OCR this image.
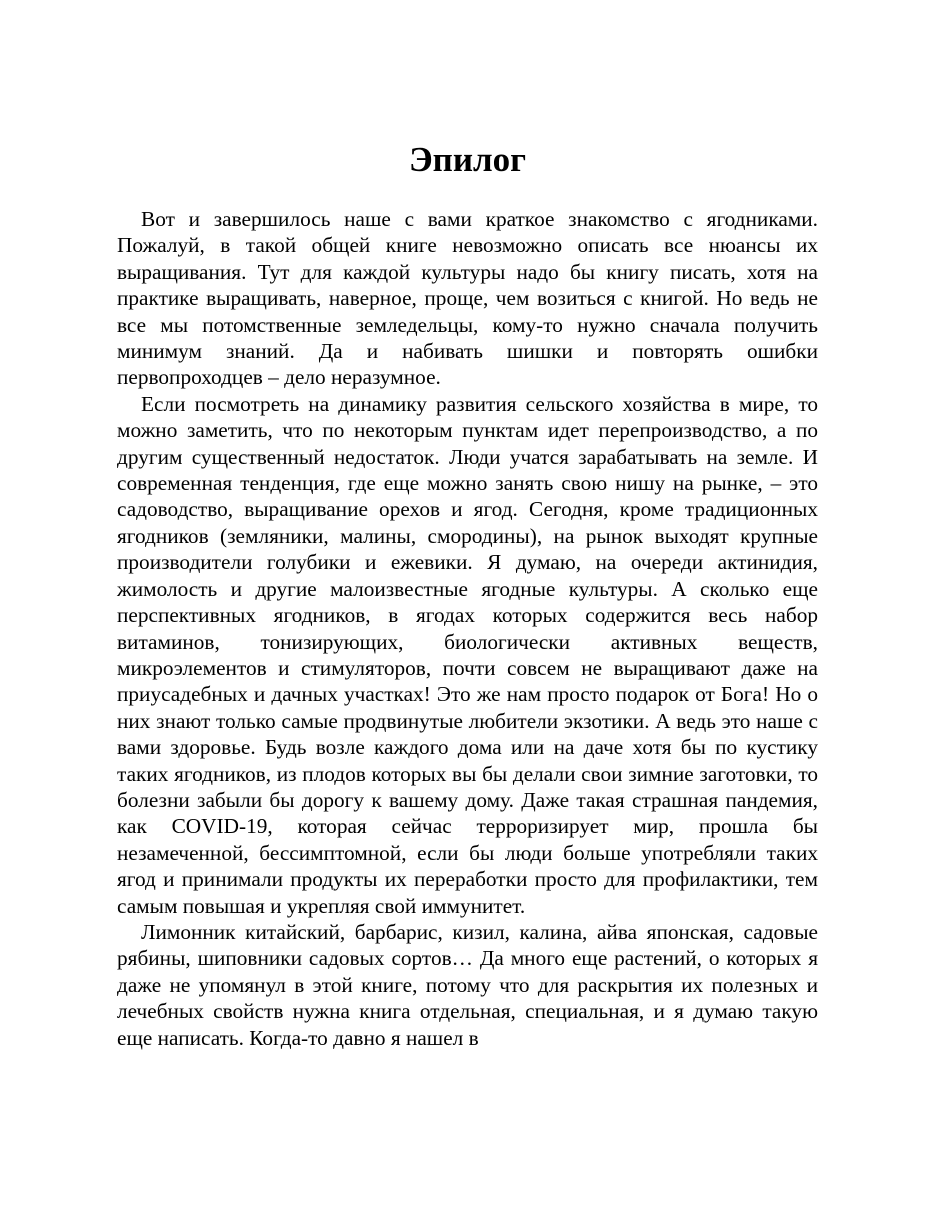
Эпилог

Вот и завершилось наше с вами краткое знакомство с ягодниками. Пожалуй, в такой общей книге невозможно описать все нюансы их выращивания. Тут для каждой культуры надо бы книгу писать, хотя на практике выращивать, наверное, проще, чем возиться с книгой. Но ведь не все мы потомственные земледельцы, кому-то нужно сначала получить минимум знаний. Да и набивать шишки и повторять ошибки первопроходцев – дело неразумное.

Если посмотреть на динамику развития сельского хозяйства в мире, то можно заметить, что по некоторым пунктам идет перепроизводство, а по другим существенный недостаток. Люди учатся зарабатывать на земле. И современная тенденция, где еще можно занять свою нишу на рынке, – это садоводство, выращивание орехов и ягод. Сегодня, кроме традиционных ягодников (земляники, малины, смородины), на рынок выходят крупные производители голубики и ежевики. Я думаю, на очереди актинидия, жимолость и другие малоизвестные ягодные культуры. А сколько еще перспективных ягодников, в ягодах которых содержится весь набор витаминов, тонизирующих, биологически активных веществ, микроэлементов и стимуляторов, почти совсем не выращивают даже на приусадебных и дачных участках! Это же нам просто подарок от Бога! Но о них знают только самые продвинутые любители экзотики. А ведь это наше с вами здоровье. Будь возле каждого дома или на даче хотя бы по кустику таких ягодников, из плодов которых вы бы делали свои зимние заготовки, то болезни забыли бы дорогу к вашему дому. Даже такая страшная пандемия, как COVID-19, которая сейчас терроризирует мир, прошла бы незамеченной, бессимптомной, если бы люди больше употребляли таких ягод и принимали продукты их переработки просто для профилактики, тем самым повышая и укрепляя свой иммунитет.

Лимонник китайский, барбарис, кизил, калина, айва японская, садовые рябины, шиповники садовых сортов… Да много еще растений, о которых я даже не упомянул в этой книге, потому что для раскрытия их полезных и лечебных свойств нужна книга отдельная, специальная, и я думаю такую еще написать. Когда-то давно я нашел в
